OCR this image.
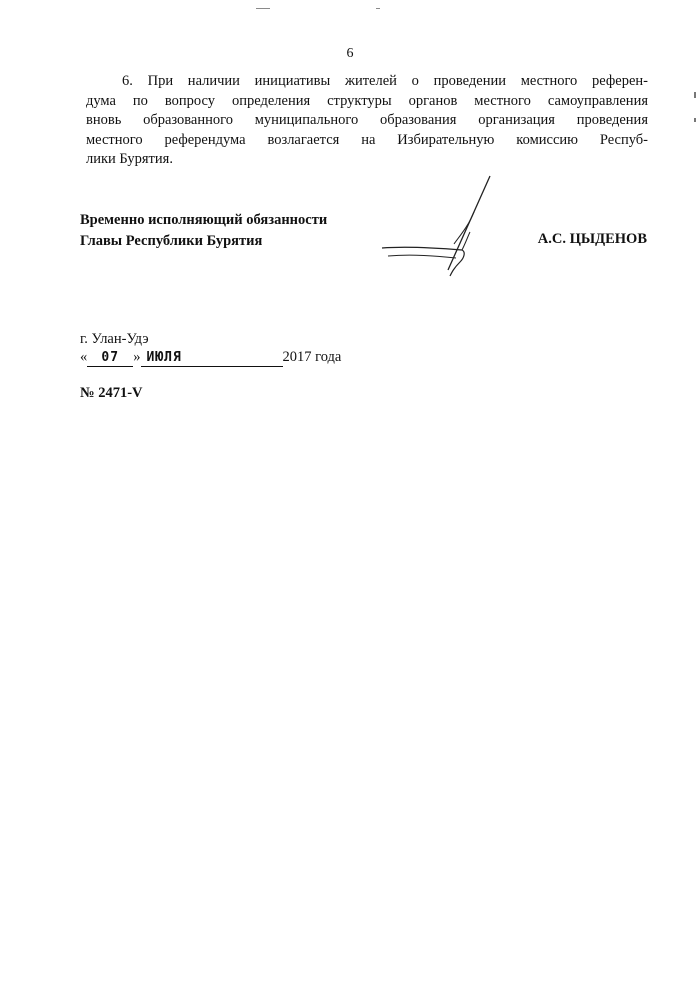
6
6. При наличии инициативы жителей о проведении местного референ-
дума по вопросу определения структуры органов местного самоуправления
вновь образованного муниципального образования организация проведения
местного референдума возлагается на Избирательную комиссию Респуб-
лики Бурятия.
Временно исполняющий обязанности
Главы Республики Бурятия	А.С. ЦЫДЕНОВ
г. Улан-Удэ
« 07 » ИЮЛЯ	2017 года
№ 2471-V
